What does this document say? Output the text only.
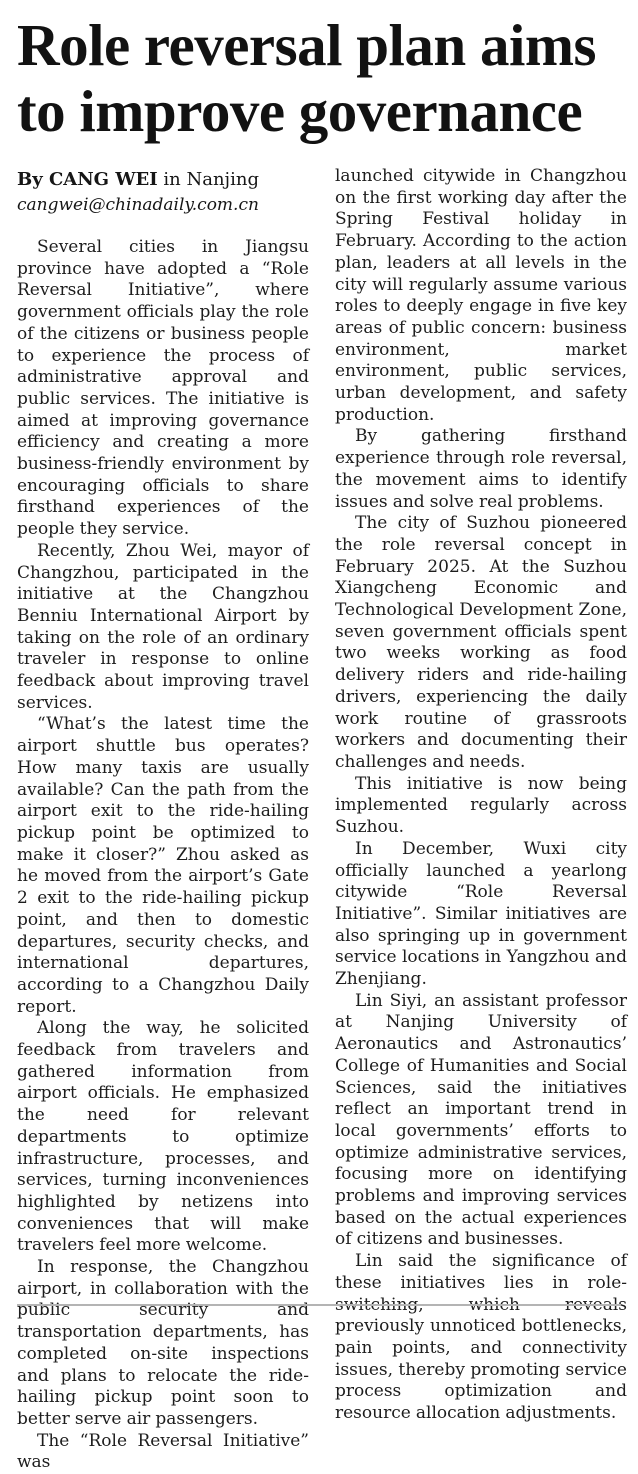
Role reversal plan aims
to improve governance
By CANG WEI in Nanjing
cangwei@chinadaily.com.cn

Several cities in Jiangsu province have adopted a “Role Reversal Initiative”, where government officials play the role of the citizens or business people to experience the process of administrative approval and public services. The initiative is aimed at improving governance efficiency and creating a more business-friendly environment by encouraging officials to share firsthand experiences of the people they service.

Recently, Zhou Wei, mayor of Changzhou, participated in the initiative at the Changzhou Benniu International Airport by taking on the role of an ordinary traveler in response to online feedback about improving travel services.

“What’s the latest time the airport shuttle bus operates? How many taxis are usually available? Can the path from the airport exit to the ride-hailing pickup point be optimized to make it closer?” Zhou asked as he moved from the airport’s Gate 2 exit to the ride-hailing pickup point, and then to domestic departures, security checks, and international departures, according to a Changzhou Daily report.

Along the way, he solicited feedback from travelers and gathered information from airport officials. He emphasized the need for relevant departments to optimize infrastructure, processes, and services, turning inconveniences highlighted by netizens into conveniences that will make travelers feel more welcome.

In response, the Changzhou airport, in collaboration with the public security and transportation departments, has completed on-site inspections and plans to relocate the ride-hailing pickup point soon to better serve air passengers.

The “Role Reversal Initiative” was

launched citywide in Changzhou on the first working day after the Spring Festival holiday in February. According to the action plan, leaders at all levels in the city will regularly assume various roles to deeply engage in five key areas of public concern: business environment, market environment, public services, urban development, and safety production.

By gathering firsthand experience through role reversal, the movement aims to identify issues and solve real problems.

The city of Suzhou pioneered the role reversal concept in February 2025. At the Suzhou Xiangcheng Economic and Technological Development Zone, seven government officials spent two weeks working as food delivery riders and ride-hailing drivers, experiencing the daily work routine of grassroots workers and documenting their challenges and needs.

This initiative is now being implemented regularly across Suzhou.

In December, Wuxi city officially launched a yearlong citywide “Role Reversal Initiative”. Similar initiatives are also springing up in government service locations in Yangzhou and Zhenjiang.

Lin Siyi, an assistant professor at Nanjing University of Aeronautics and Astronautics’ College of Humanities and Social Sciences, said the initiatives reflect an important trend in local governments’ efforts to optimize administrative services, focusing more on identifying problems and improving services based on the actual experiences of citizens and businesses.

Lin said the significance of these initiatives lies in role-switching, which reveals previously unnoticed bottlenecks, pain points, and connectivity issues, thereby promoting service process optimization and resource allocation adjustments.
